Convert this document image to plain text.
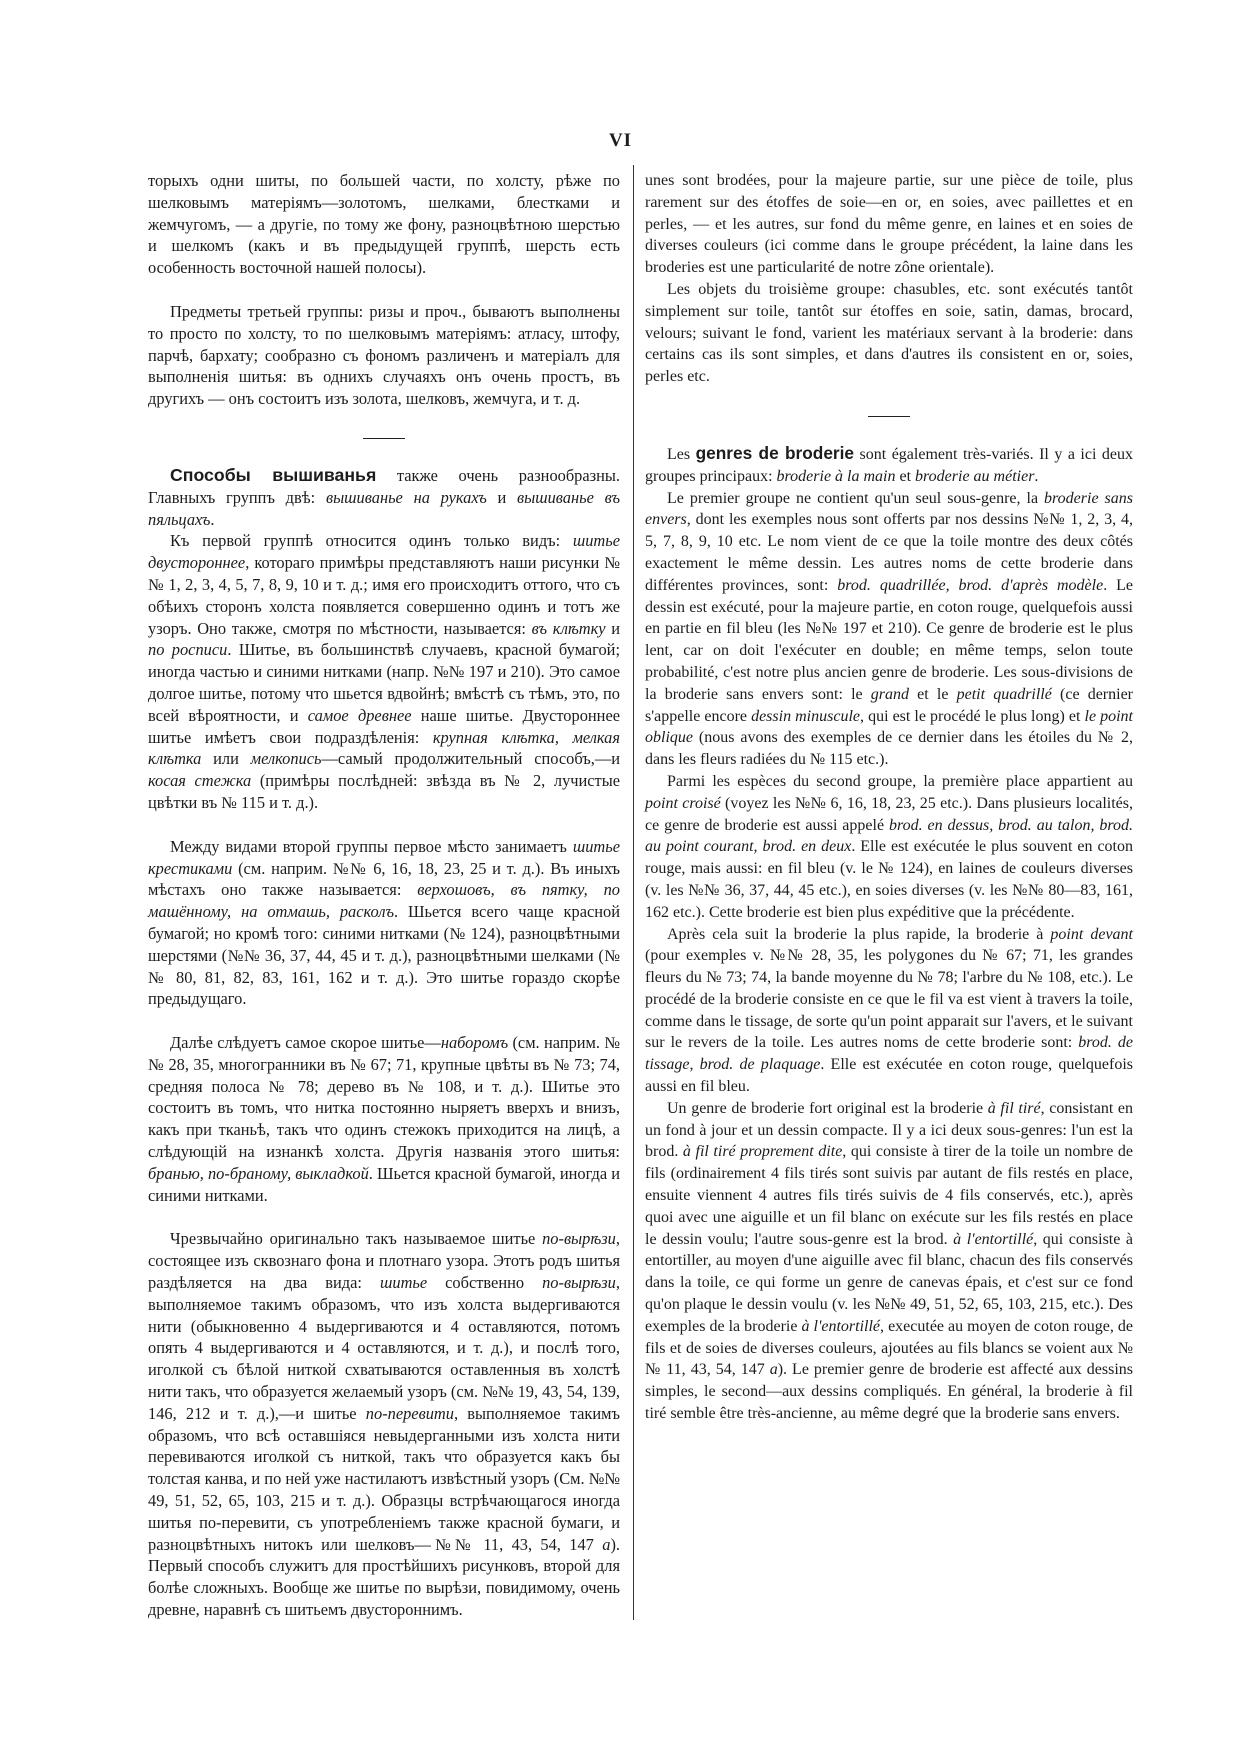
VI

торыхъ одни шиты, по большей части, по холсту, рѣже по шелковымъ матеріямъ—золотомъ, шелками, блестками и жемчугомъ, — а другіе, по тому же фону, разноцвѣтною шерстью и шелкомъ (какъ и въ предыдущей группѣ, шерсть есть особенность восточной нашей полосы).

Предметы третьей группы: ризы и проч., бываютъ выполнены то просто по холсту, то по шелковымъ матеріямъ: атласу, штофу, парчѣ, бархату; сообразно съ фономъ различенъ и матеріалъ для выполненія шитья: въ однихъ случаяхъ онъ очень простъ, въ другихъ — онъ состоитъ изъ золота, шелковъ, жемчуга, и т. д.

Способы вышиванья также очень разнообразны. Главныхъ группъ двѣ: вышиванье на рукахъ и вышиванье въ пяльцахъ.

Къ первой группѣ относится одинъ только видъ: шитье двустороннее, котораго примѣры представляютъ наши рисунки №№ 1, 2, 3, 4, 5, 7, 8, 9, 10 и т. д.; имя его происходитъ оттого, что съ обѣихъ сторонъ холста появляется совершенно одинъ и тотъ же узоръ. Оно также, смотря по мѣстности, называется: въ клѣтку и по росписи. Шитье, въ большинствѣ случаевъ, красной бумагой; иногда частью и синими нитками (напр. №№ 197 и 210). Это самое долгое шитье, потому что шьется вдвойнѣ; вмѣстѣ съ тѣмъ, это, по всей вѣроятности, и самое древнее наше шитье. Двустороннее шитье имѣетъ свои подраздѣленія: крупная клѣтка, мелкая клѣтка или мелкопись—самый продолжительный способъ,—и косая стежка (примѣры послѣдней: звѣзда въ № 2, лучистые цвѣтки въ № 115 и т. д.).

Между видами второй группы первое мѣсто занимаетъ шитье крестиками (см. наприм. №№ 6, 16, 18, 23, 25 и т. д.). Въ иныхъ мѣстахъ оно также называется: верхошовъ, въ пятку, по машённому, на отмашь, расколъ. Шьется всего чаще красной бумагой; но кромѣ того: синими нитками (№ 124), разноцвѣтными шерстями (№№ 36, 37, 44, 45 и т. д.), разноцвѣтными шелками (№№ 80, 81, 82, 83, 161, 162 и т. д.). Это шитье гораздо скорѣе предыдущаго.

Далѣе слѣдуетъ самое скорое шитье—наборомъ (см. наприм. №№ 28, 35, многогранники въ № 67; 71, крупные цвѣты въ № 73; 74, средняя полоса № 78; дерево въ № 108, и т. д.). Шитье это состоитъ въ томъ, что нитка постоянно ныряетъ вверхъ и внизъ, какъ при тканьѣ, такъ что одинъ стежокъ приходится на лицѣ, а слѣдующій на изнанкѣ холста. Другія названія этого шитья: бранью, по-браному, выкладкой. Шьется красной бумагой, иногда и синими нитками.

Чрезвычайно оригинально такъ называемое шитье по-вырѣзи, состоящее изъ сквознаго фона и плотнаго узора. Этотъ родъ шитья раздѣляется на два вида: шитье собственно по-вырѣзи, выполняемое такимъ образомъ, что изъ холста выдергиваются нити (обыкновенно 4 выдергиваются и 4 оставляются, потомъ опять 4 выдергиваются и 4 оставляются, и т. д.), и послѣ того, иголкой съ бѣлой ниткой схватываются оставленныя въ холстѣ нити такъ, что образуется желаемый узоръ (см. №№ 19, 43, 54, 139, 146, 212 и т. д.),—и шитье по-перевити, выполняемое такимъ образомъ, что всѣ оставшіяся невыдерганными изъ холста нити перевиваются иголкой съ ниткой, такъ что образуется какъ бы толстая канва, и по ней уже настилаютъ извѣстный узоръ (См. №№ 49, 51, 52, 65, 103, 215 и т. д.). Образцы встрѣчающагося иногда шитья по-перевити, съ употребленіемъ также красной бумаги, и разноцвѣтныхъ нитокъ или шелковъ—№№ 11, 43, 54, 147 a). Первый способъ служитъ для простѣйшихъ рисунковъ, второй для болѣе сложныхъ. Вообще же шитье по вырѣзи, повидимому, очень древне, наравнѣ съ шитьемъ двустороннимъ.

unes sont brodées, pour la majeure partie, sur une pièce de toile, plus rarement sur des étoffes de soie—en or, en soies, avec paillettes et en perles, — et les autres, sur fond du même genre, en laines et en soies de diverses couleurs (ici comme dans le groupe précédent, la laine dans les broderies est une particularité de notre zône orientale).

Les objets du troisième groupe: chasubles, etc. sont exécutés tantôt simplement sur toile, tantôt sur étoffes en soie, satin, damas, brocard, velours; suivant le fond, varient les matériaux servant à la broderie: dans certains cas ils sont simples, et dans d'autres ils consistent en or, soies, perles etc.

Les genres de broderie sont également très-variés. Il y a ici deux groupes principaux: broderie à la main et broderie au métier.

Le premier groupe ne contient qu'un seul sous-genre, la broderie sans envers, dont les exemples nous sont offerts par nos dessins №№ 1, 2, 3, 4, 5, 7, 8, 9, 10 etc. Le nom vient de ce que la toile montre des deux côtés exactement le même dessin. Les autres noms de cette broderie dans différentes provinces, sont: brod. quadrillée, brod. d'après modèle. Le dessin est exécuté, pour la majeure partie, en coton rouge, quelquefois aussi en partie en fil bleu (les №№ 197 et 210). Ce genre de broderie est le plus lent, car on doit l'exécuter en double; en même temps, selon toute probabilité, c'est notre plus ancien genre de broderie. Les sous-divisions de la broderie sans envers sont: le grand et le petit quadrillé (ce dernier s'appelle encore dessin minuscule, qui est le procédé le plus long) et le point oblique (nous avons des exemples de ce dernier dans les étoiles du № 2, dans les fleurs radiées du № 115 etc.).

Parmi les espèces du second groupe, la première place appartient au point croisé (voyez les №№ 6, 16, 18, 23, 25 etc.). Dans plusieurs localités, ce genre de broderie est aussi appelé brod. en dessus, brod. au talon, brod. au point courant, brod. en deux. Elle est exécutée le plus souvent en coton rouge, mais aussi: en fil bleu (v. le № 124), en laines de couleurs diverses (v. les №№ 36, 37, 44, 45 etc.), en soies diverses (v. les №№ 80—83, 161, 162 etc.). Cette broderie est bien plus expéditive que la précédente.

Après cela suit la broderie la plus rapide, la broderie à point devant (pour exemples v. №№ 28, 35, les polygones du № 67; 71, les grandes fleurs du № 73; 74, la bande moyenne du № 78; l'arbre du № 108, etc.). Le procédé de la broderie consiste en ce que le fil va est vient à travers la toile, comme dans le tissage, de sorte qu'un point apparait sur l'avers, et le suivant sur le revers de la toile. Les autres noms de cette broderie sont: brod. de tissage, brod. de plaquage. Elle est exécutée en coton rouge, quelquefois aussi en fil bleu.

Un genre de broderie fort original est la broderie à fil tiré, consistant en un fond à jour et un dessin compacte. Il y a ici deux sous-genres: l'un est la brod. à fil tiré proprement dite, qui consiste à tirer de la toile un nombre de fils (ordinairement 4 fils tirés sont suivis par autant de fils restés en place, ensuite viennent 4 autres fils tirés suivis de 4 fils conservés, etc.), après quoi avec une aiguille et un fil blanc on exécute sur les fils restés en place le dessin voulu; l'autre sous-genre est la brod. à l'entortillé, qui consiste à entortiller, au moyen d'une aiguille avec fil blanc, chacun des fils conservés dans la toile, ce qui forme un genre de canevas épais, et c'est sur ce fond qu'on plaque le dessin voulu (v. les №№ 49, 51, 52, 65, 103, 215, etc.). Des exemples de la broderie à l'entortillé, executée au moyen de coton rouge, de fils et de soies de diverses couleurs, ajoutées au fils blancs se voient aux №№ 11, 43, 54, 147 a). Le premier genre de broderie est affecté aux dessins simples, le second—aux dessins compliqués. En général, la broderie à fil tiré semble être très-ancienne, au même degré que la broderie sans envers.
